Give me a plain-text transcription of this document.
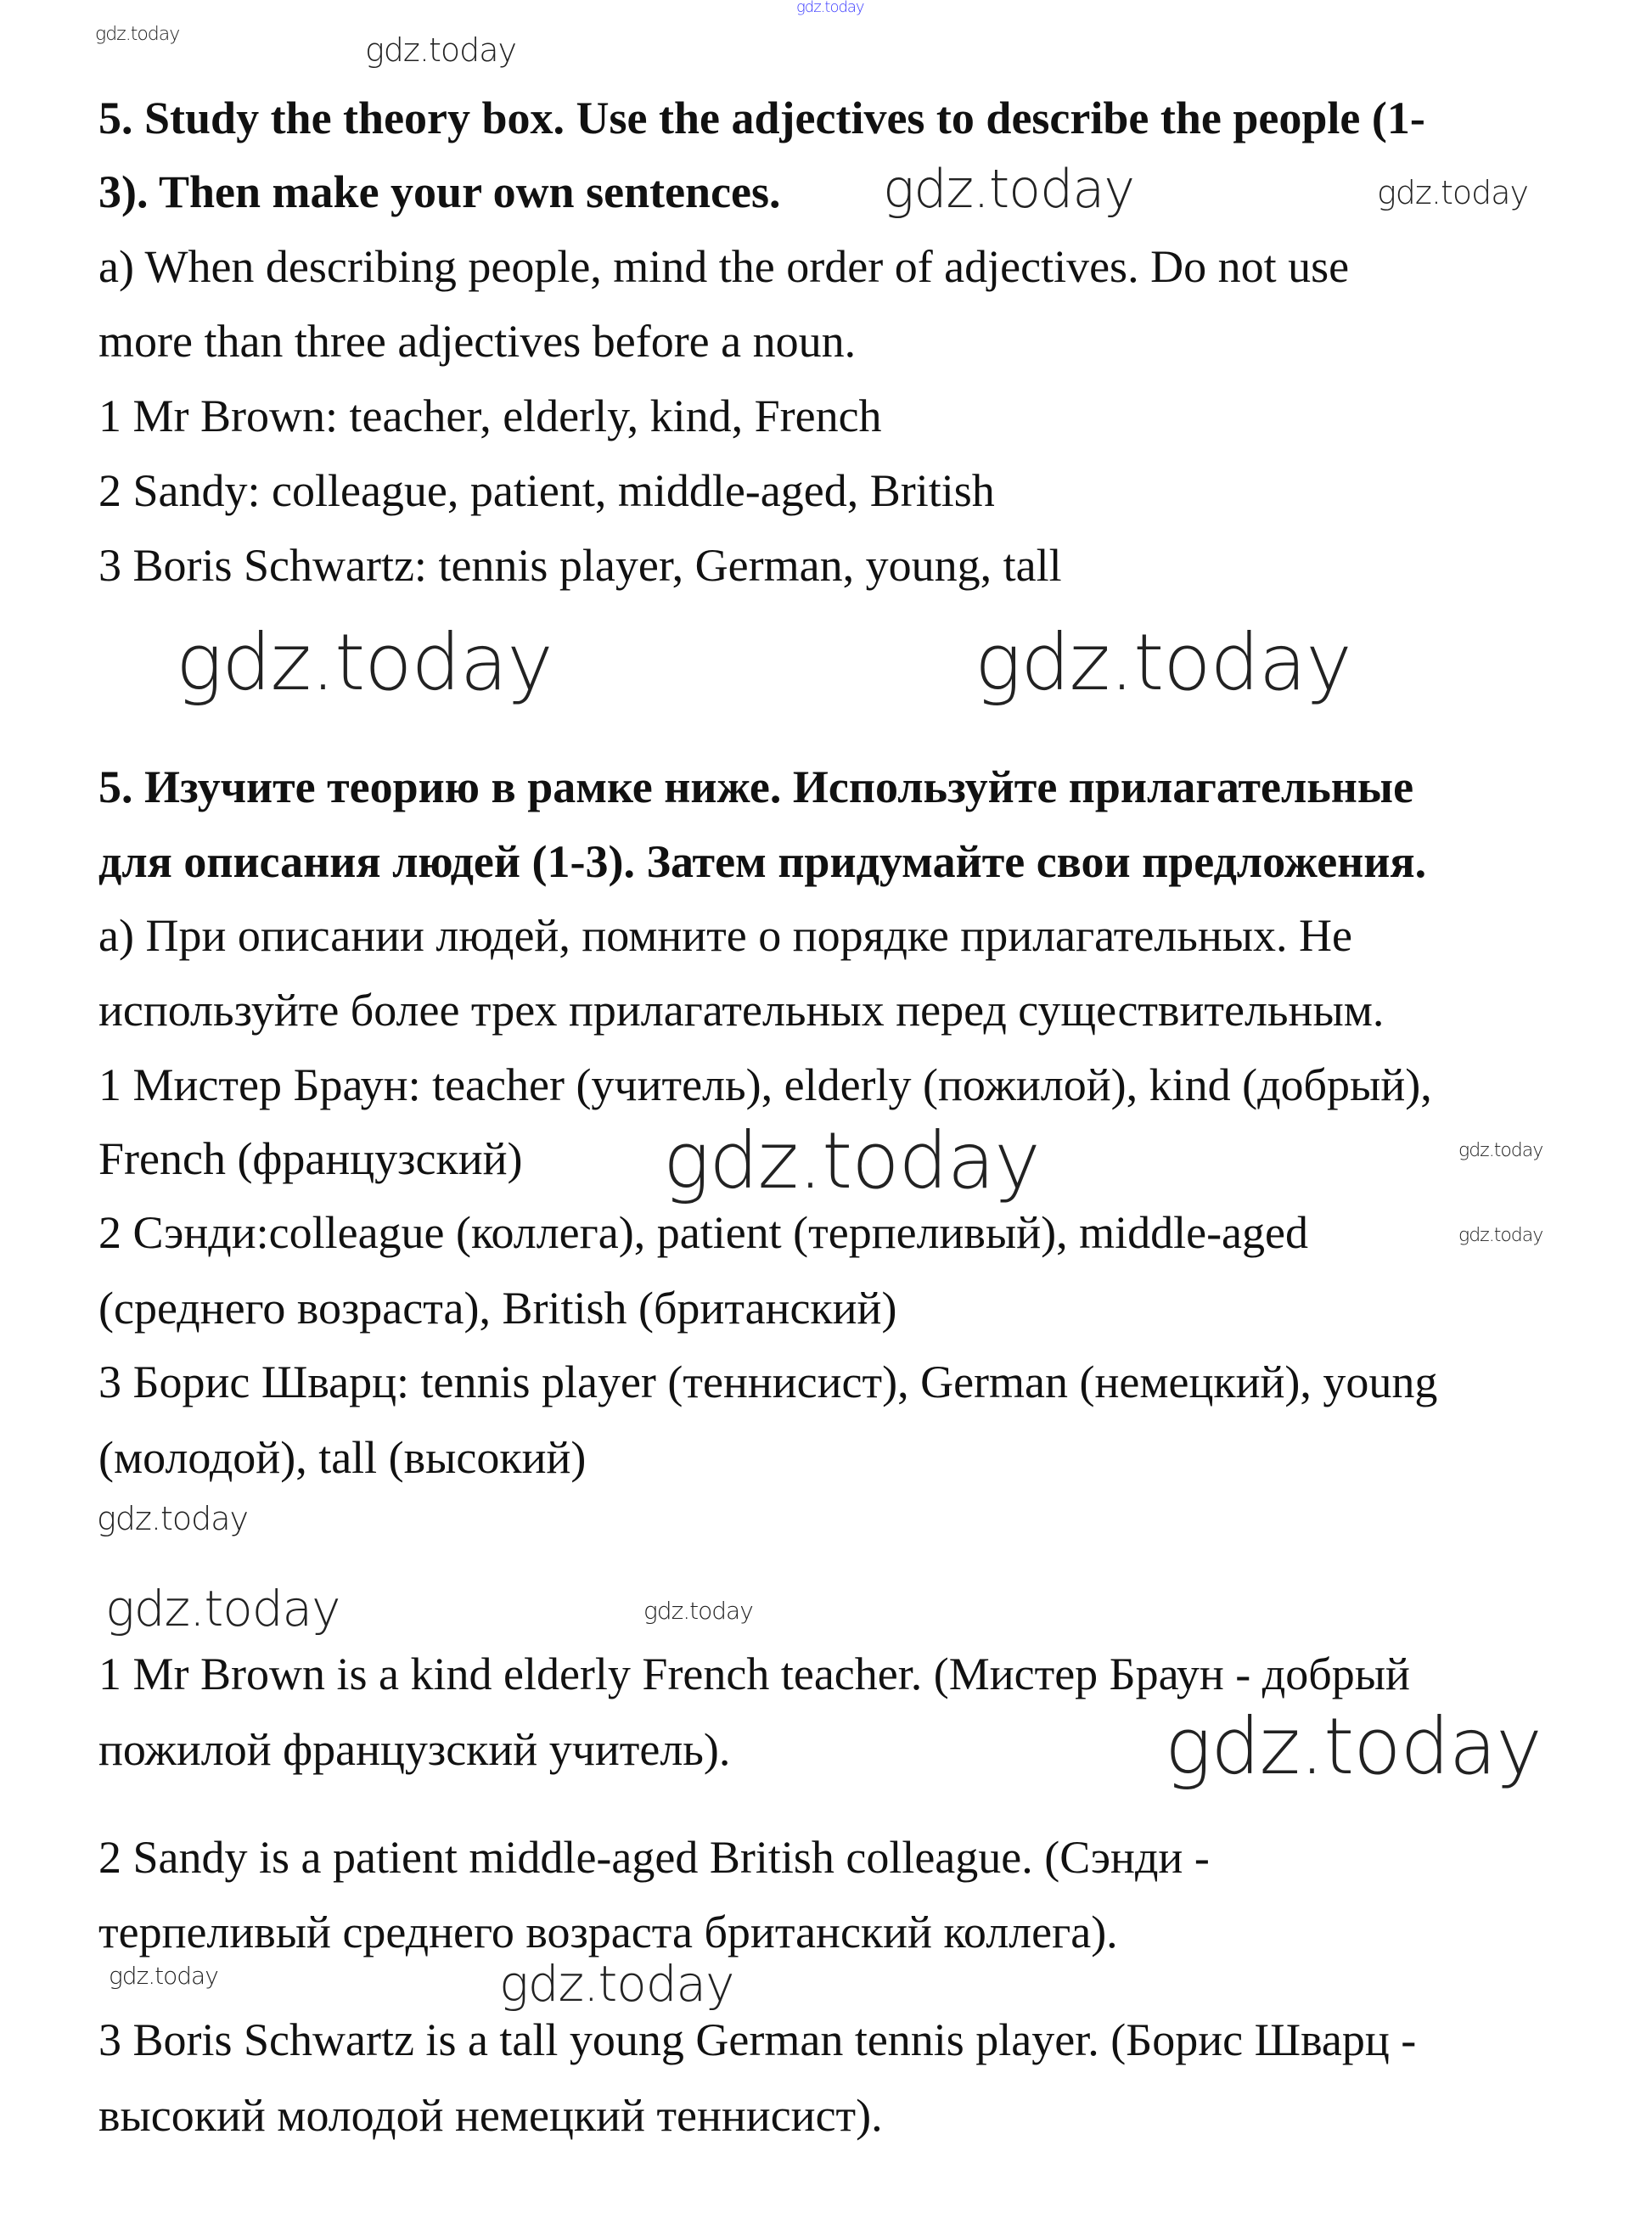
gdz.today
5. Study the theory box. Use the adjectives to describe the people (1-
3). Then make your own sentences.
a) When describing people, mind the order of adjectives. Do not use
more than three adjectives before a noun.
1 Mr Brown: teacher, elderly, kind, French
2 Sandy: colleague, patient, middle-aged, British
3 Boris Schwartz: tennis player, German, young, tall
5. Изучите теорию в рамке ниже. Используйте прилагательные
для описания людей (1-3). Затем придумайте свои предложения.
а) При описании людей, помните о порядке прилагательных. Не
используйте более трех прилагательных перед существительным.
1 Мистер Браун: teacher (учитель), elderly (пожилой), kind (добрый),
French (французский)
2 Сэнди:colleague (коллега), patient (терпеливый), middle-aged
(среднего возраста), British (британский)
3 Борис Шварц: tennis player (теннисист), German (немецкий), young
(молодой), tall (высокий)
1 Mr Brown is a kind elderly French teacher. (Мистер Браун - добрый
пожилой французский учитель).
2 Sandy is a patient middle-aged British colleague. (Сэнди -
терпеливый среднего возраста британский коллега).
3 Boris Schwartz is a tall young German tennis player. (Борис Шварц -
высокий молодой немецкий теннисист).
gdz.today	gdz.today
gdz.today	gdz.today
gdz.today	gdz.today
gdz.today
gdz.today
gdz.today
gdz.today
gdz.today	gdz.today
gdz.today
gdz.today	gdz.today
